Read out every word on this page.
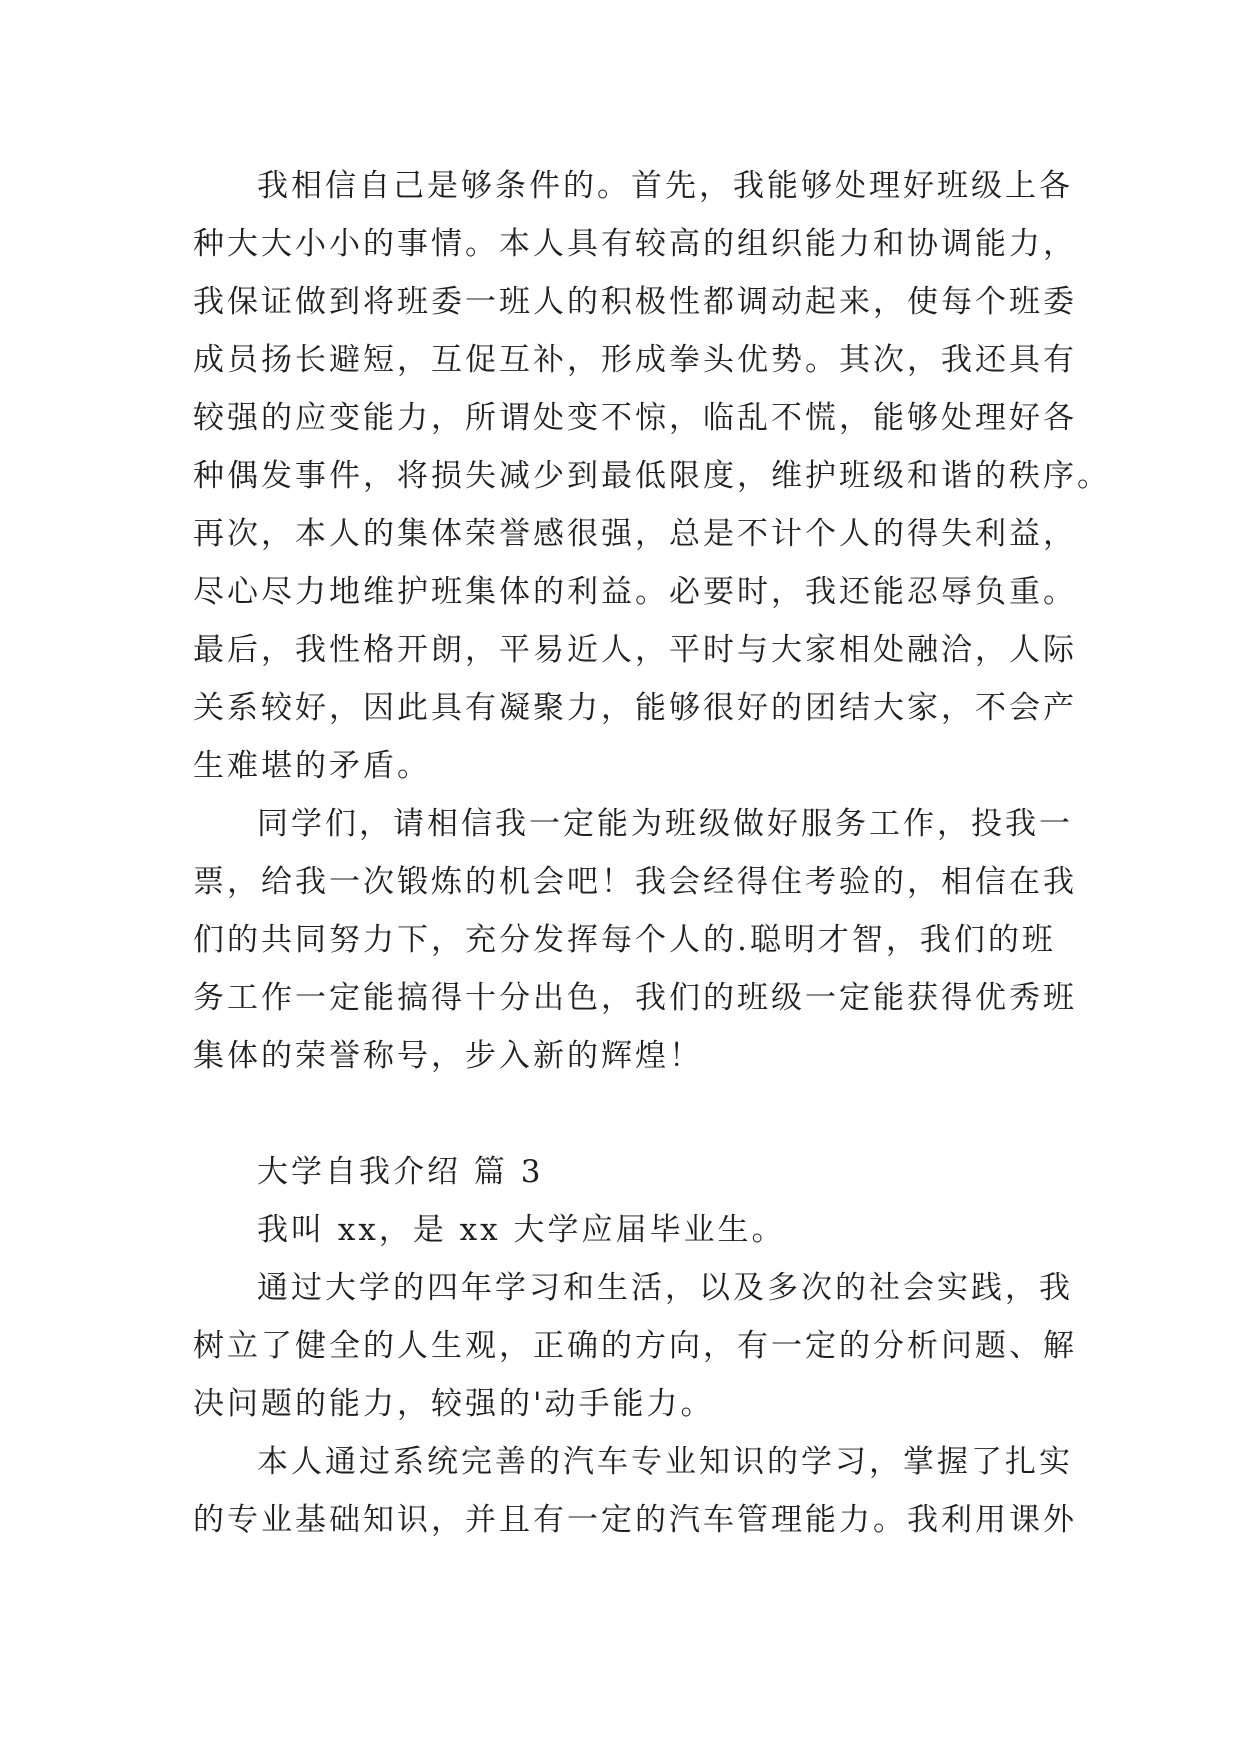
我相信自己是够条件的。首先，我能够处理好班级上各
种大大小小的事情。本人具有较高的组织能力和协调能力，
我保证做到将班委一班人的积极性都调动起来，使每个班委
成员扬长避短，互促互补，形成拳头优势。其次，我还具有
较强的应变能力，所谓处变不惊，临乱不慌，能够处理好各
种偶发事件，将损失减少到最低限度，维护班级和谐的秩序。
再次，本人的集体荣誉感很强，总是不计个人的得失利益，
尽心尽力地维护班集体的利益。必要时，我还能忍辱负重。
最后，我性格开朗，平易近人，平时与大家相处融洽，人际
关系较好，因此具有凝聚力，能够很好的团结大家，不会产
生难堪的矛盾。
同学们，请相信我一定能为班级做好服务工作，投我一
票，给我一次锻炼的机会吧！我会经得住考验的，相信在我
们的共同努力下，充分发挥每个人的.聪明才智，我们的班
务工作一定能搞得十分出色，我们的班级一定能获得优秀班
集体的荣誉称号，步入新的辉煌！
大学自我介绍 篇 3
我叫 xx，是 xx 大学应届毕业生。
通过大学的四年学习和生活，以及多次的社会实践，我
树立了健全的人生观，正确的方向，有一定的分析问题、解
决问题的能力，较强的'动手能力。
本人通过系统完善的汽车专业知识的学习，掌握了扎实
的专业基础知识，并且有一定的汽车管理能力。我利用课外
